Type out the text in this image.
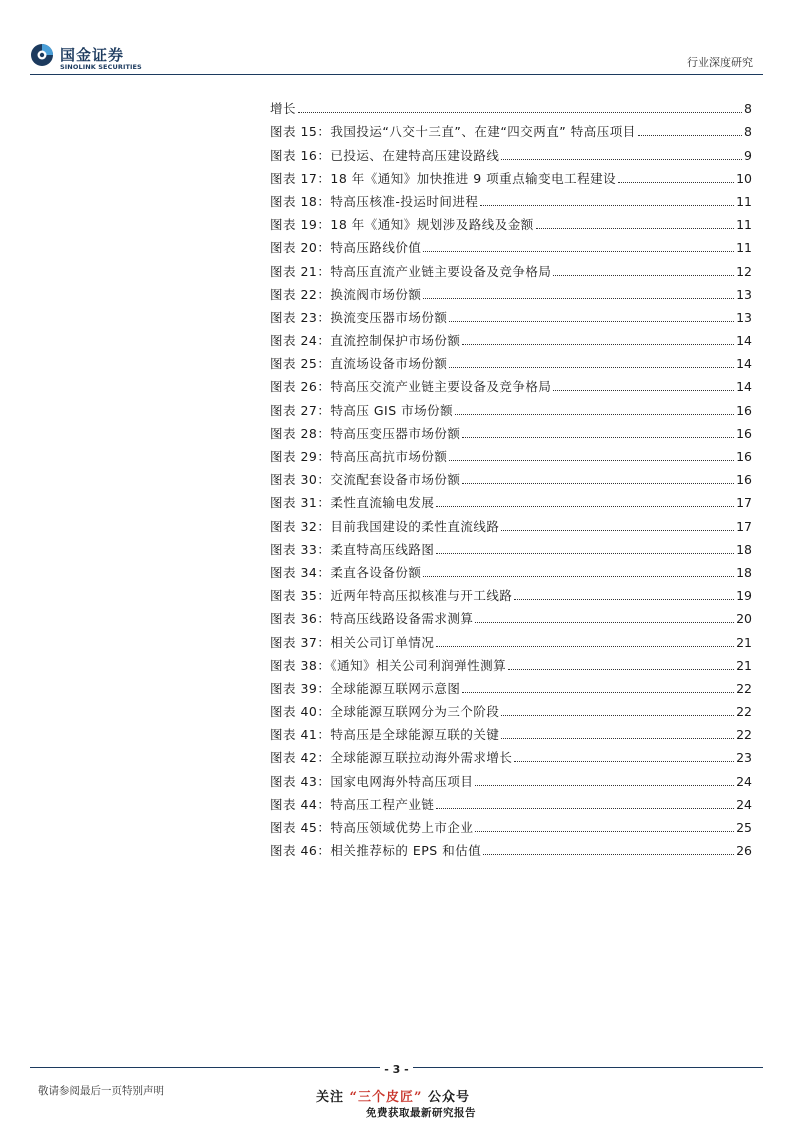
国金证券
SINOLINK SECURITIES	行业深度研究
增长	8
图表 15：我国投运“八交十三直”、在建“四交两直” 特高压项目	8
图表 16：已投运、在建特高压建设路线	9
图表 17：18 年《通知》加快推进 9 项重点输变电工程建设	10
图表 18：特高压核准-投运时间进程	11
图表 19：18 年《通知》规划涉及路线及金额	11
图表 20：特高压路线价值	11
图表 21：特高压直流产业链主要设备及竞争格局	12
图表 22：换流阀市场份额	13
图表 23：换流变压器市场份额	13
图表 24：直流控制保护市场份额	14
图表 25：直流场设备市场份额	14
图表 26：特高压交流产业链主要设备及竞争格局	14
图表 27：特高压 GIS 市场份额	16
图表 28：特高压变压器市场份额	16
图表 29：特高压高抗市场份额	16
图表 30：交流配套设备市场份额	16
图表 31：柔性直流输电发展	17
图表 32：目前我国建设的柔性直流线路	17
图表 33：柔直特高压线路图	18
图表 34：柔直各设备份额	18
图表 35：近两年特高压拟核准与开工线路	19
图表 36：特高压线路设备需求测算	20
图表 37：相关公司订单情况	21
图表 38：《通知》相关公司利润弹性测算	21
图表 39：全球能源互联网示意图	22
图表 40：全球能源互联网分为三个阶段	22
图表 41：特高压是全球能源互联的关键	22
图表 42：全球能源互联拉动海外需求增长	23
图表 43：国家电网海外特高压项目	24
图表 44：特高压工程产业链	24
图表 45：特高压领域优势上市企业	25
图表 46：相关推荐标的 EPS 和估值	26
- 3 -
敬请参阅最后一页特别声明	关注 “三个皮匠” 公众号
免费获取最新研究报告
